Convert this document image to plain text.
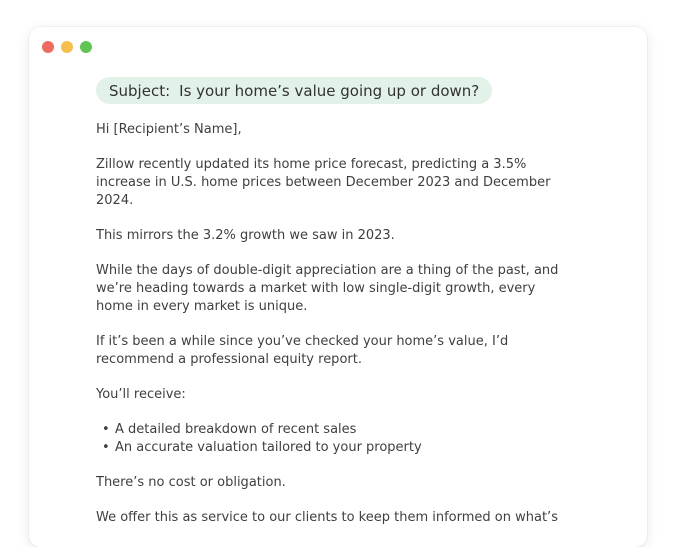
Subject: Is your home’s value going up or down?

Hi [Recipient’s Name],

Zillow recently updated its home price forecast, predicting a 3.5% increase in U.S. home prices between December 2023 and December 2024.

This mirrors the 3.2% growth we saw in 2023.

While the days of double-digit appreciation are a thing of the past, and we’re heading towards a market with low single-digit growth, every home in every market is unique.

If it’s been a while since you’ve checked your home’s value, I’d recommend a professional equity report.

You’ll receive:

• A detailed breakdown of recent sales
• An accurate valuation tailored to your property

There’s no cost or obligation.

We offer this as service to our clients to keep them informed on what’s
